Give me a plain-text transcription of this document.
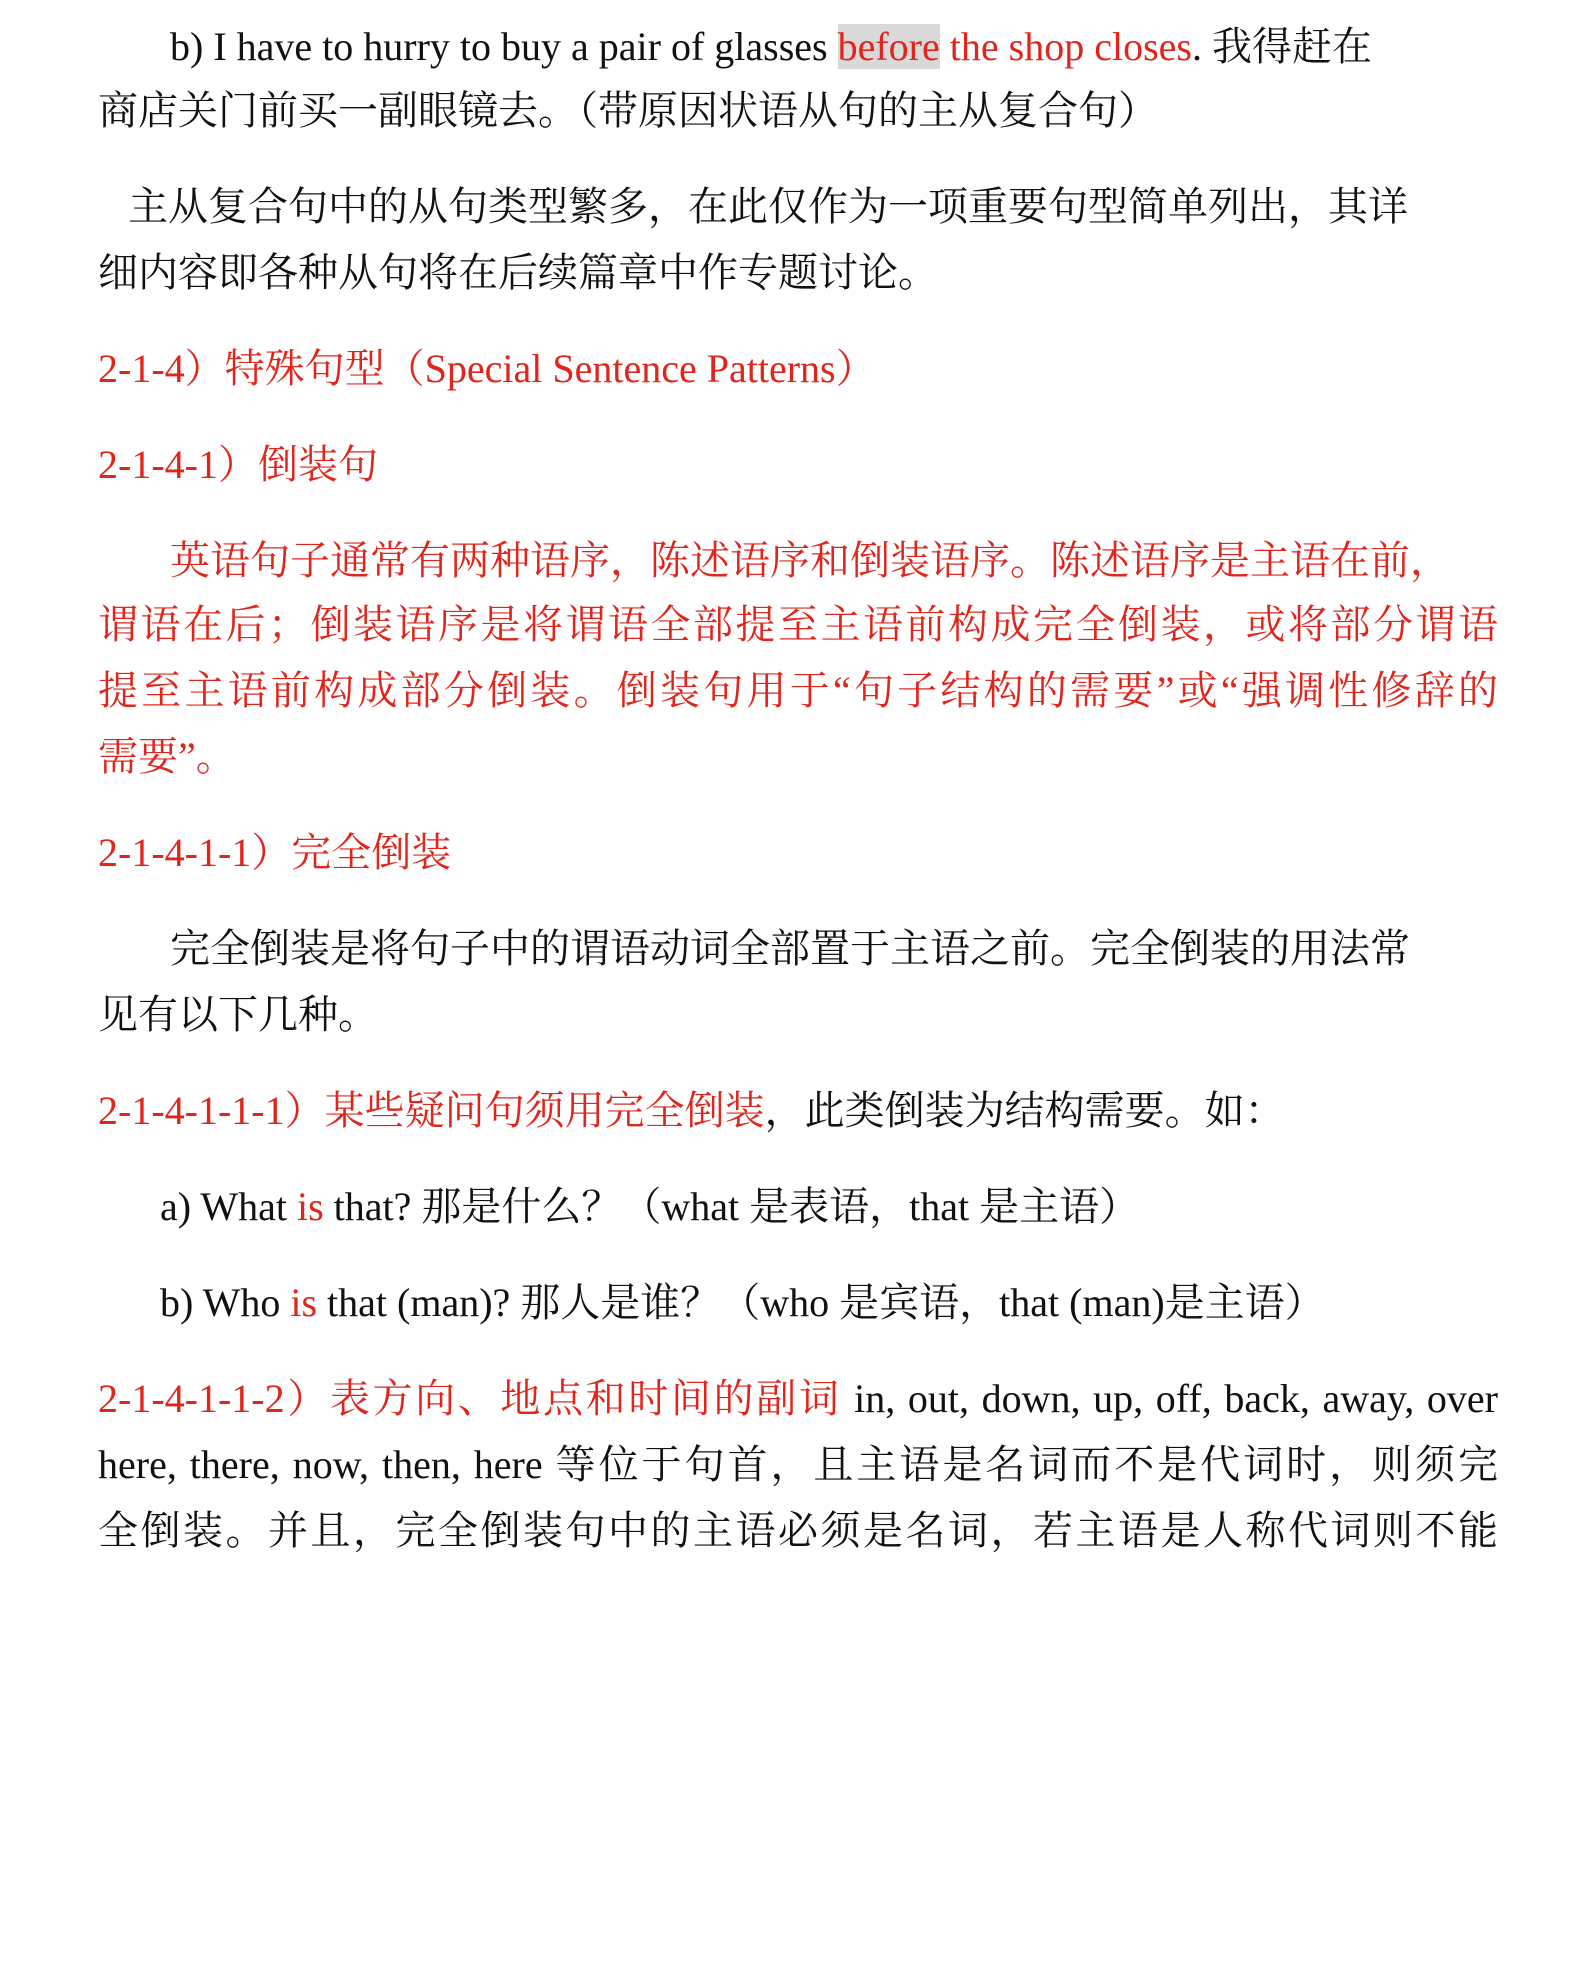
b) I have to hurry to buy a pair of glasses before the shop closes. 我得赶在
商店关门前买一副眼镜去。（带原因状语从句的主从复合句）
主从复合句中的从句类型繁多，在此仅作为一项重要句型简单列出，其详
细内容即各种从句将在后续篇章中作专题讨论。
2-1-4）特殊句型（Special Sentence Patterns）
2-1-4-1）倒装句
英语句子通常有两种语序，陈述语序和倒装语序。陈述语序是主语在前，
谓语在后；倒装语序是将谓语全部提至主语前构成完全倒装，或将部分谓语
提至主语前构成部分倒装。倒装句用于“句子结构的需要”或“强调性修辞的
需要”。
2-1-4-1-1）完全倒装
完全倒装是将句子中的谓语动词全部置于主语之前。完全倒装的用法常
见有以下几种。
2-1-4-1-1-1）某些疑问句须用完全倒装，此类倒装为结构需要。如：
a) What is that? 那是什么？（what 是表语，that 是主语）
b) Who is that (man)? 那人是谁？（who 是宾语，that (man)是主语）
2-1-4-1-1-2）表方向、地点和时间的副词 in, out, down, up, off, back, away, over
here, there, now, then, here 等位于句首，且主语是名词而不是代词时，则须完
全倒装。并且，完全倒装句中的主语必须是名词，若主语是人称代词则不能
